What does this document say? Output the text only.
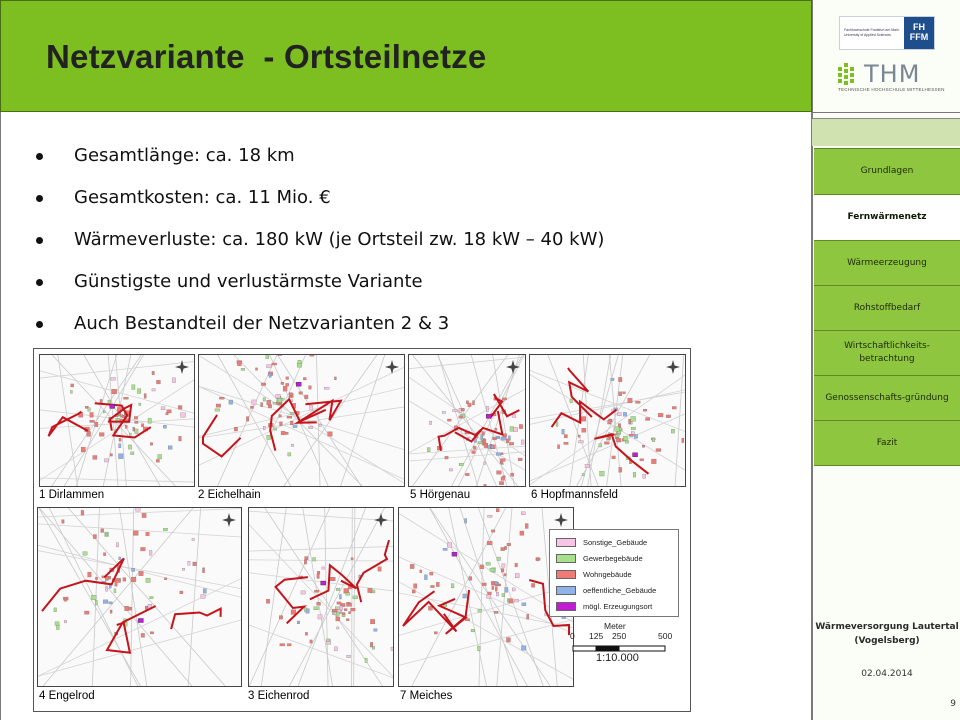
Netzvariante  - Ortsteilnetze
Gesamtlänge: ca. 18 km
Gesamtkosten: ca. 11 Mio. €
Wärmeverluste: ca. 180 kW (je Ortsteil zw. 18 kW – 40 kW)
Günstigste und verlustärmste Variante
Auch Bestandteil der Netzvarianten 2 & 3
1 Dirlammen	2 Eichelhain	5 Hörgenau	6 Hopfmannsfeld
4 Engelrod	3 Eichenrod	7 Meiches
Sonstige_Gebäude
Gewerbegebäude
Wohngebäude
oeffentliche_Gebäude
mögl. Erzeugungsort
Meter
0 125 250	500
1:10.000
Fachhochschule Frankfurt am Main University of Applied Sciences
FH FFM
THM
TECHNISCHE HOCHSCHULE MITTELHESSEN
Grundlagen
Fernwärmenetz
Wärmeerzeugung
Rohstoffbedarf
Wirtschaftlichkeits-betrachtung
Genossenschafts-gründung
Fazit
Wärmeversorgung Lautertal (Vogelsberg)
02.04.2014
9
